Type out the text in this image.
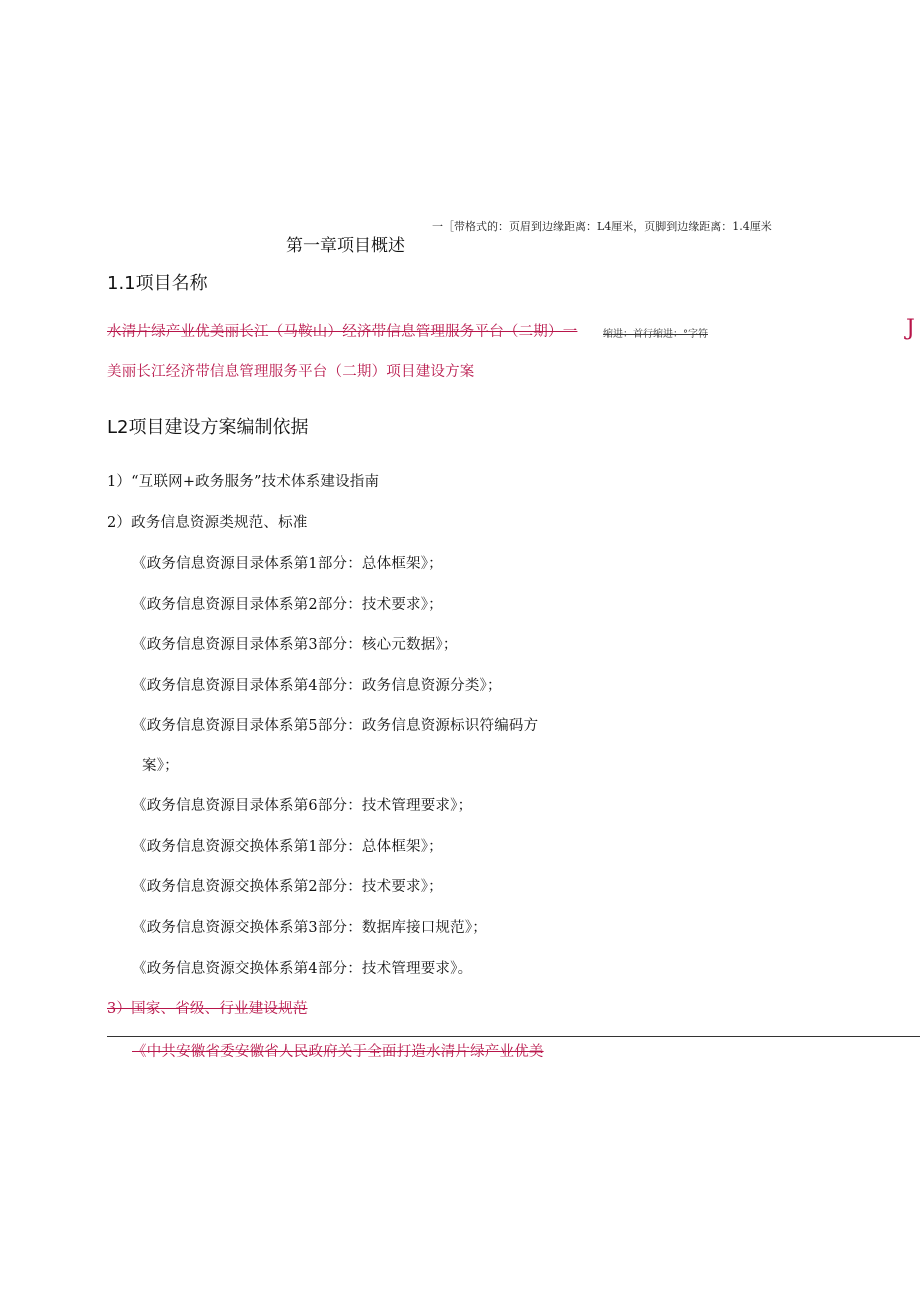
一［带格式的：页眉到边缘距离：L4厘米，页脚到边缘距离：1.4厘米
第一章项目概述
1.1项目名称
水清片绿产业优美丽长江（马鞍山）经济带信息管理服务平台（二期）一	缩进：首行缩进：°字符	J
美丽长江经济带信息管理服务平台（二期）项目建设方案
L2项目建设方案编制依据
1）“互联网+政务服务”技术体系建设指南
2）政务信息资源类规范、标准
《政务信息资源目录体系第1部分：总体框架》；
《政务信息资源目录体系第2部分：技术要求》；
《政务信息资源目录体系第3部分：核心元数据》；
《政务信息资源目录体系第4部分：政务信息资源分类》；
《政务信息资源目录体系第5部分：政务信息资源标识符编码方
案》；
《政务信息资源目录体系第6部分：技术管理要求》；
《政务信息资源交换体系第1部分：总体框架》；
《政务信息资源交换体系第2部分：技术要求》；
《政务信息资源交换体系第3部分：数据库接口规范》；
《政务信息资源交换体系第4部分：技术管理要求》。
3）国家、省级、行业建设规范
《中共安徽省委安徽省人民政府关于全面打造水清片绿产业优美
